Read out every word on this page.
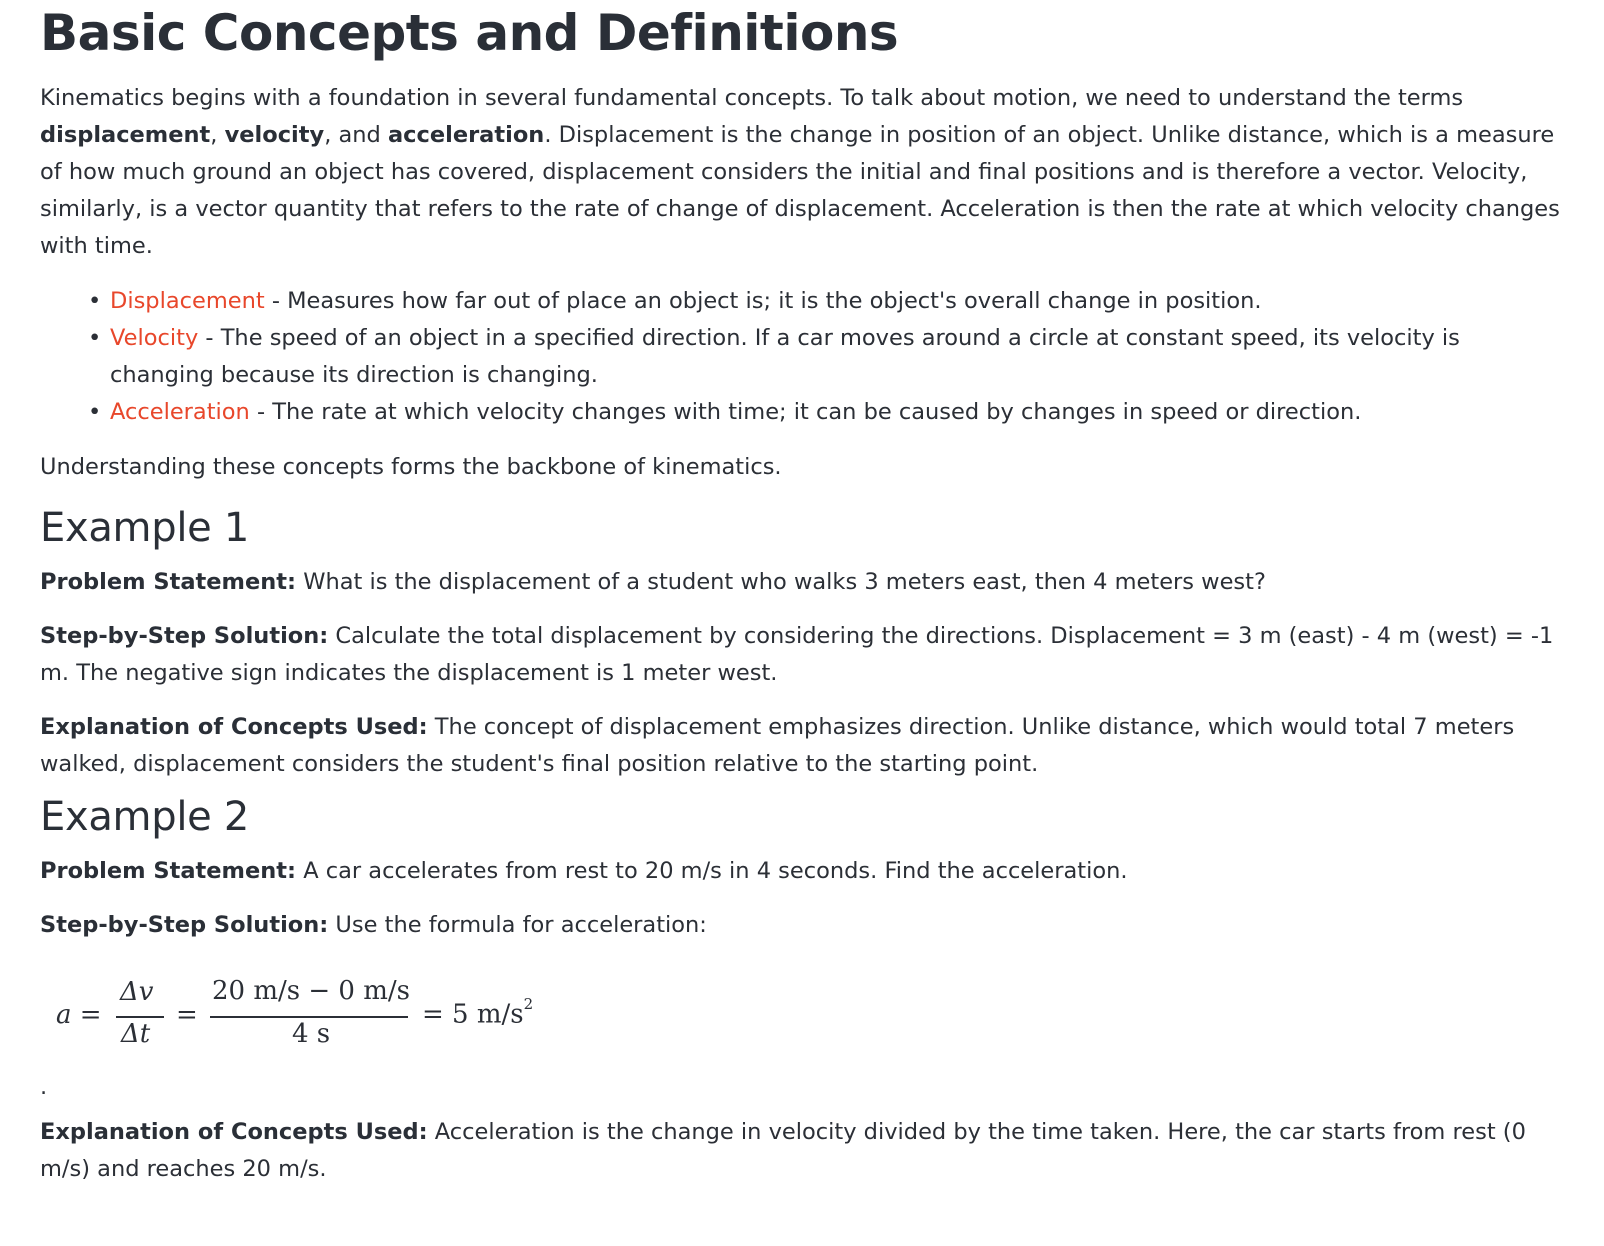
Basic Concepts and Definitions

Kinematics begins with a foundation in several fundamental concepts. To talk about motion, we need to understand the terms displacement, velocity, and acceleration. Displacement is the change in position of an object. Unlike distance, which is a measure of how much ground an object has covered, displacement considers the initial and final positions and is therefore a vector. Velocity, similarly, is a vector quantity that refers to the rate of change of displacement. Acceleration is then the rate at which velocity changes with time.

• Displacement - Measures how far out of place an object is; it is the object's overall change in position.
• Velocity - The speed of an object in a specified direction. If a car moves around a circle at constant speed, its velocity is changing because its direction is changing.
• Acceleration - The rate at which velocity changes with time; it can be caused by changes in speed or direction.

Understanding these concepts forms the backbone of kinematics.

Example 1

Problem Statement: What is the displacement of a student who walks 3 meters east, then 4 meters west?

Step-by-Step Solution: Calculate the total displacement by considering the directions. Displacement = 3 m (east) - 4 m (west) = -1 m. The negative sign indicates the displacement is 1 meter west.

Explanation of Concepts Used: The concept of displacement emphasizes direction. Unlike distance, which would total 7 meters walked, displacement considers the student's final position relative to the starting point.

Example 2

Problem Statement: A car accelerates from rest to 20 m/s in 4 seconds. Find the acceleration.

Step-by-Step Solution: Use the formula for acceleration:

a =
Δv
Δt
=
20 m/s − 0 m/s
4 s
= 5 $m/s^2$
.

Explanation of Concepts Used: Acceleration is the change in velocity divided by the time taken. Here, the car starts from rest (0 m/s) and reaches 20 m/s.
